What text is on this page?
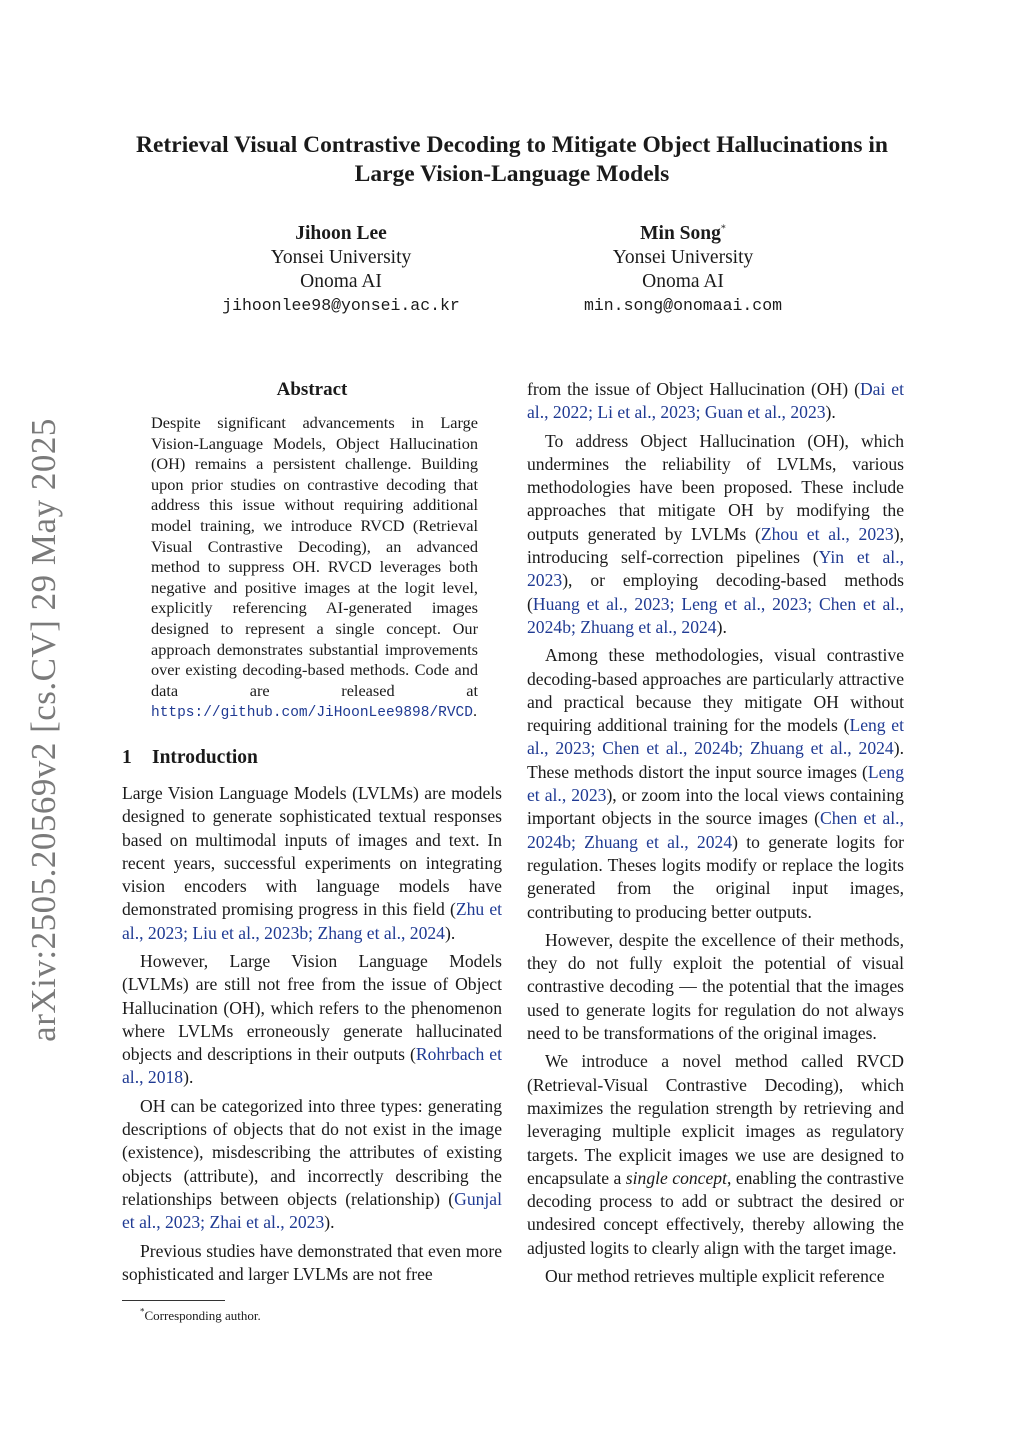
arXiv:2505.20569v2 [cs.CV] 29 May 2025
Retrieval Visual Contrastive Decoding to Mitigate Object Hallucinations in
Large Vision-Language Models
Jihoon Lee
Yonsei University
Onoma AI
jihoonlee98@yonsei.ac.kr
Min Song*
Yonsei University
Onoma AI
min.song@onomaai.com
Abstract
Despite significant advancements in Large Vision-Language Models, Object Hallucination (OH) remains a persistent challenge. Building upon prior studies on contrastive decoding that address this issue without requiring additional model training, we introduce RVCD (Retrieval Visual Contrastive Decoding), an advanced method to suppress OH. RVCD leverages both negative and positive images at the logit level, explicitly referencing AI-generated images designed to represent a single concept. Our approach demonstrates substantial improvements over existing decoding-based methods. Code and data are released at https://github.com/JiHoonLee9898/RVCD.
1 Introduction

Large Vision Language Models (LVLMs) are models designed to generate sophisticated textual responses based on multimodal inputs of images and text. In recent years, successful experiments on integrating vision encoders with language models have demonstrated promising progress in this field (Zhu et al., 2023; Liu et al., 2023b; Zhang et al., 2024).

However, Large Vision Language Models (LVLMs) are still not free from the issue of Object Hallucination (OH), which refers to the phenomenon where LVLMs erroneously generate hallucinated objects and descriptions in their outputs (Rohrbach et al., 2018).

OH can be categorized into three types: generating descriptions of objects that do not exist in the image (existence), misdescribing the attributes of existing objects (attribute), and incorrectly describing the relationships between objects (relationship) (Gunjal et al., 2023; Zhai et al., 2023).

Previous studies have demonstrated that even more sophisticated and larger LVLMs are not free

*Corresponding author.

from the issue of Object Hallucination (OH) (Dai et al., 2022; Li et al., 2023; Guan et al., 2023).

To address Object Hallucination (OH), which undermines the reliability of LVLMs, various methodologies have been proposed. These include approaches that mitigate OH by modifying the outputs generated by LVLMs (Zhou et al., 2023), introducing self-correction pipelines (Yin et al., 2023), or employing decoding-based methods (Huang et al., 2023; Leng et al., 2023; Chen et al., 2024b; Zhuang et al., 2024).

Among these methodologies, visual contrastive decoding-based approaches are particularly attractive and practical because they mitigate OH without requiring additional training for the models (Leng et al., 2023; Chen et al., 2024b; Zhuang et al., 2024). These methods distort the input source images (Leng et al., 2023), or zoom into the local views containing important objects in the source images (Chen et al., 2024b; Zhuang et al., 2024) to generate logits for regulation. Theses logits modify or replace the logits generated from the original input images, contributing to producing better outputs.

However, despite the excellence of their methods, they do not fully exploit the potential of visual contrastive decoding — the potential that the images used to generate logits for regulation do not always need to be transformations of the original images.

We introduce a novel method called RVCD (Retrieval-Visual Contrastive Decoding), which maximizes the regulation strength by retrieving and leveraging multiple explicit images as regulatory targets. The explicit images we use are designed to encapsulate a single concept, enabling the contrastive decoding process to add or subtract the desired or undesired concept effectively, thereby allowing the adjusted logits to clearly align with the target image.

Our method retrieves multiple explicit reference
